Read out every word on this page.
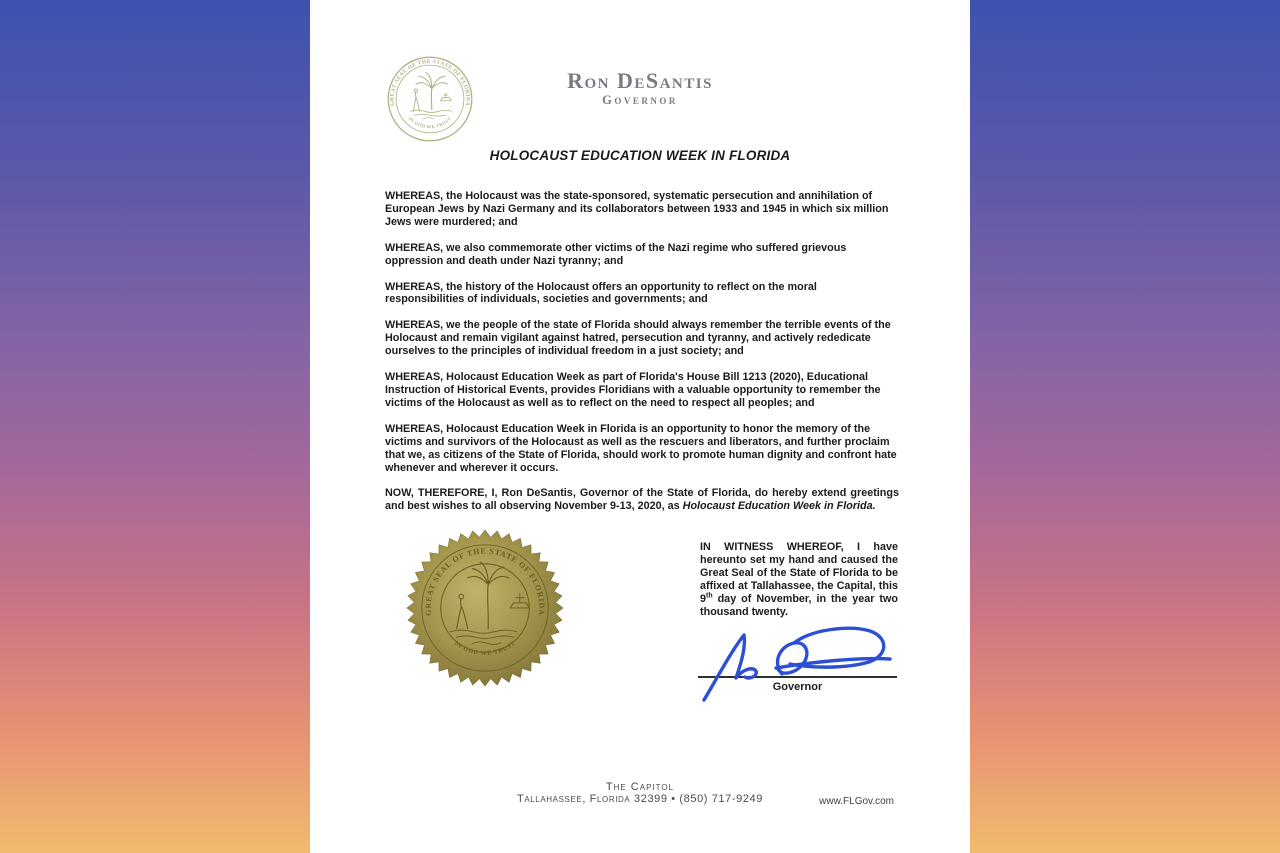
GREAT SEAL OF THE STATE OF FLORIDA
IN GOD WE TRUST
Ron DeSantis
Governor
HOLOCAUST EDUCATION WEEK IN FLORIDA

WHEREAS, the Holocaust was the state-sponsored, systematic persecution and annihilation of European Jews by Nazi Germany and its collaborators between 1933 and 1945 in which six million Jews were murdered; and

WHEREAS, we also commemorate other victims of the Nazi regime who suffered grievous oppression and death under Nazi tyranny; and

WHEREAS, the history of the Holocaust offers an opportunity to reflect on the moral responsibilities of individuals, societies and governments; and

WHEREAS, we the people of the state of Florida should always remember the terrible events of the Holocaust and remain vigilant against hatred, persecution and tyranny, and actively rededicate ourselves to the principles of individual freedom in a just society; and

WHEREAS, Holocaust Education Week as part of Florida's House Bill 1213 (2020), Educational Instruction of Historical Events, provides Floridians with a valuable opportunity to remember the victims of the Holocaust as well as to reflect on the need to respect all peoples; and

WHEREAS, Holocaust Education Week in Florida is an opportunity to honor the memory of the victims and survivors of the Holocaust as well as the rescuers and liberators, and further proclaim that we, as citizens of the State of Florida, should work to promote human dignity and confront hate whenever and wherever it occurs.

NOW, THEREFORE, I, Ron DeSantis, Governor of the State of Florida, do hereby extend greetings and best wishes to all observing November 9-13, 2020, as Holocaust Education Week in Florida.

GREAT SEAL OF THE STATE OF FLORIDA
IN GOD WE TRUST
IN WITNESS WHEREOF, I have hereunto set my hand and caused the Great Seal of the State of Florida to be affixed at Tallahassee, the Capital, this 9th day of November, in the year two thousand twenty.
Governor
The Capitol
Tallahassee, Florida 32399 • (850) 717-9249	www.FLGov.com
